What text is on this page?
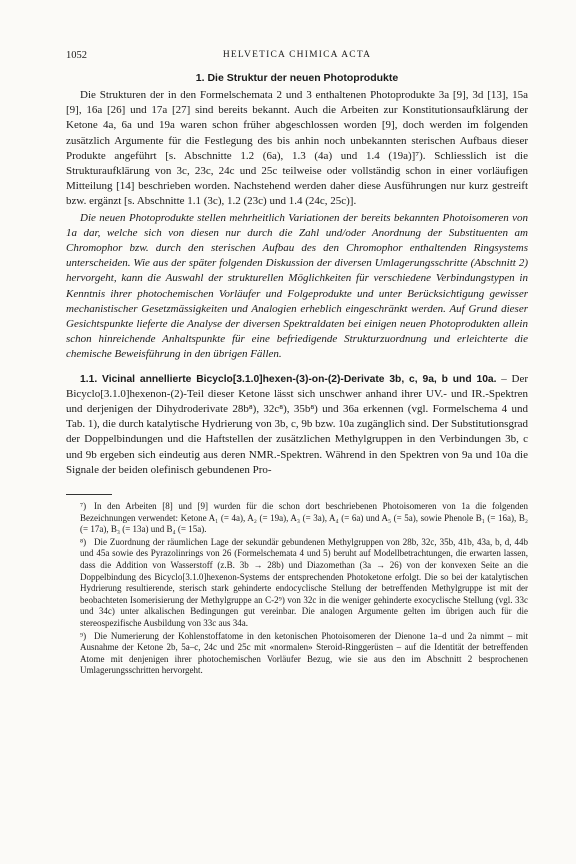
1052	HELVETICA CHIMICA ACTA
1. Die Struktur der neuen Photoprodukte

Die Strukturen der in den Formelschemata 2 und 3 enthaltenen Photoprodukte 3a [9], 3d [13], 15a [9], 16a [26] und 17a [27] sind bereits bekannt. Auch die Arbeiten zur Konstitutionsaufklärung der Ketone 4a, 6a und 19a waren schon früher abgeschlossen worden [9], doch werden im folgenden zusätzlich Argumente für die Festlegung des bis anhin noch unbekannten sterischen Aufbaus dieser Produkte angeführt [s. Abschnitte 1.2 (6a), 1.3 (4a) und 1.4 (19a)]⁷). Schliesslich ist die Strukturaufklärung von 3c, 23c, 24c und 25c teilweise oder vollständig schon in einer vorläufigen Mitteilung [14] beschrieben worden. Nachstehend werden daher diese Ausführungen nur kurz gestreift bzw. ergänzt [s. Abschnitte 1.1 (3c), 1.2 (23c) und 1.4 (24c, 25c)].

Die neuen Photoprodukte stellen mehrheitlich Variationen der bereits bekannten Photoisomeren von 1a dar, welche sich von diesen nur durch die Zahl und/oder Anordnung der Substituenten am Chromophor bzw. durch den sterischen Aufbau des den Chromophor enthaltenden Ringsystems unterscheiden. Wie aus der später folgenden Diskussion der diversen Umlagerungsschritte (Abschnitt 2) hervorgeht, kann die Auswahl der strukturellen Möglichkeiten für verschiedene Verbindungstypen in Kenntnis ihrer photochemischen Vorläufer und Folgeprodukte und unter Berücksichtigung gewisser mechanistischer Gesetzmässigkeiten und Analogien erheblich eingeschränkt werden. Auf Grund dieser Gesichtspunkte lieferte die Analyse der diversen Spektraldaten bei einigen neuen Photoprodukten allein schon hinreichende Anhaltspunkte für eine befriedigende Strukturzuordnung und erleichterte die chemische Beweisführung in den übrigen Fällen.

1.1. Vicinal annellierte Bicyclo[3.1.0]hexen-(3)-on-(2)-Derivate 3b, c, 9a, b und 10a. – Der Bicyclo[3.1.0]hexenon-(2)-Teil dieser Ketone lässt sich unschwer anhand ihrer UV.- und IR.-Spektren und derjenigen der Dihydroderivate 28b⁸), 32c⁸), 35b⁸) und 36a erkennen (vgl. Formelschema 4 und Tab. 1), die durch katalytische Hydrierung von 3b, c, 9b bzw. 10a zugänglich sind. Der Substitutionsgrad der Doppelbindungen und die Haftstellen der zusätzlichen Methylgruppen in den Verbindungen 3b, c und 9b ergeben sich eindeutig aus deren NMR.-Spektren. Während in den Spektren von 9a und 10a die Signale der beiden olefinisch gebundenen Pro-

⁷) In den Arbeiten [8] und [9] wurden für die schon dort beschriebenen Photoisomeren von 1a die folgenden Bezeichnungen verwendet: Ketone A₁ (= 4a), A₂ (= 19a), A₃ (= 3a), A₄ (= 6a) und A₅ (= 5a), sowie Phenole B₁ (= 16a), B₂ (= 17a), B₃ (= 13a) und B₄ (= 15a).

⁸) Die Zuordnung der räumlichen Lage der sekundär gebundenen Methylgruppen von 28b, 32c, 35b, 41b, 43a, b, d, 44b und 45a sowie des Pyrazolinrings von 26 (Formelschemata 4 und 5) beruht auf Modellbetrachtungen, die erwarten lassen, dass die Addition von Wasserstoff (z.B. 3b → 28b) und Diazomethan (3a → 26) von der konvexen Seite an die Doppelbindung des Bicyclo[3.1.0]hexenon-Systems der entsprechenden Photoketone erfolgt. Die so bei der katalytischen Hydrierung resultierende, sterisch stark gehinderte endocyclische Stellung der betreffenden Methylgruppe ist mit der beobachteten Isomerisierung der Methylgruppe an C-2⁹) von 32c in die weniger gehinderte exocyclische Stellung (vgl. 33c und 34c) unter alkalischen Bedingungen gut vereinbar. Die analogen Argumente gelten im übrigen auch für die stereospezifische Ausbildung von 33c aus 34a.

⁹) Die Numerierung der Kohlenstoffatome in den ketonischen Photoisomeren der Dienone 1a–d und 2a nimmt – mit Ausnahme der Ketone 2b, 5a–c, 24c und 25c mit «normalen» Steroid-Ringgerüsten – auf die Identität der betreffenden Atome mit denjenigen ihrer photochemischen Vorläufer Bezug, wie sie aus den im Abschnitt 2 besprochenen Umlagerungsschritten hervorgeht.
